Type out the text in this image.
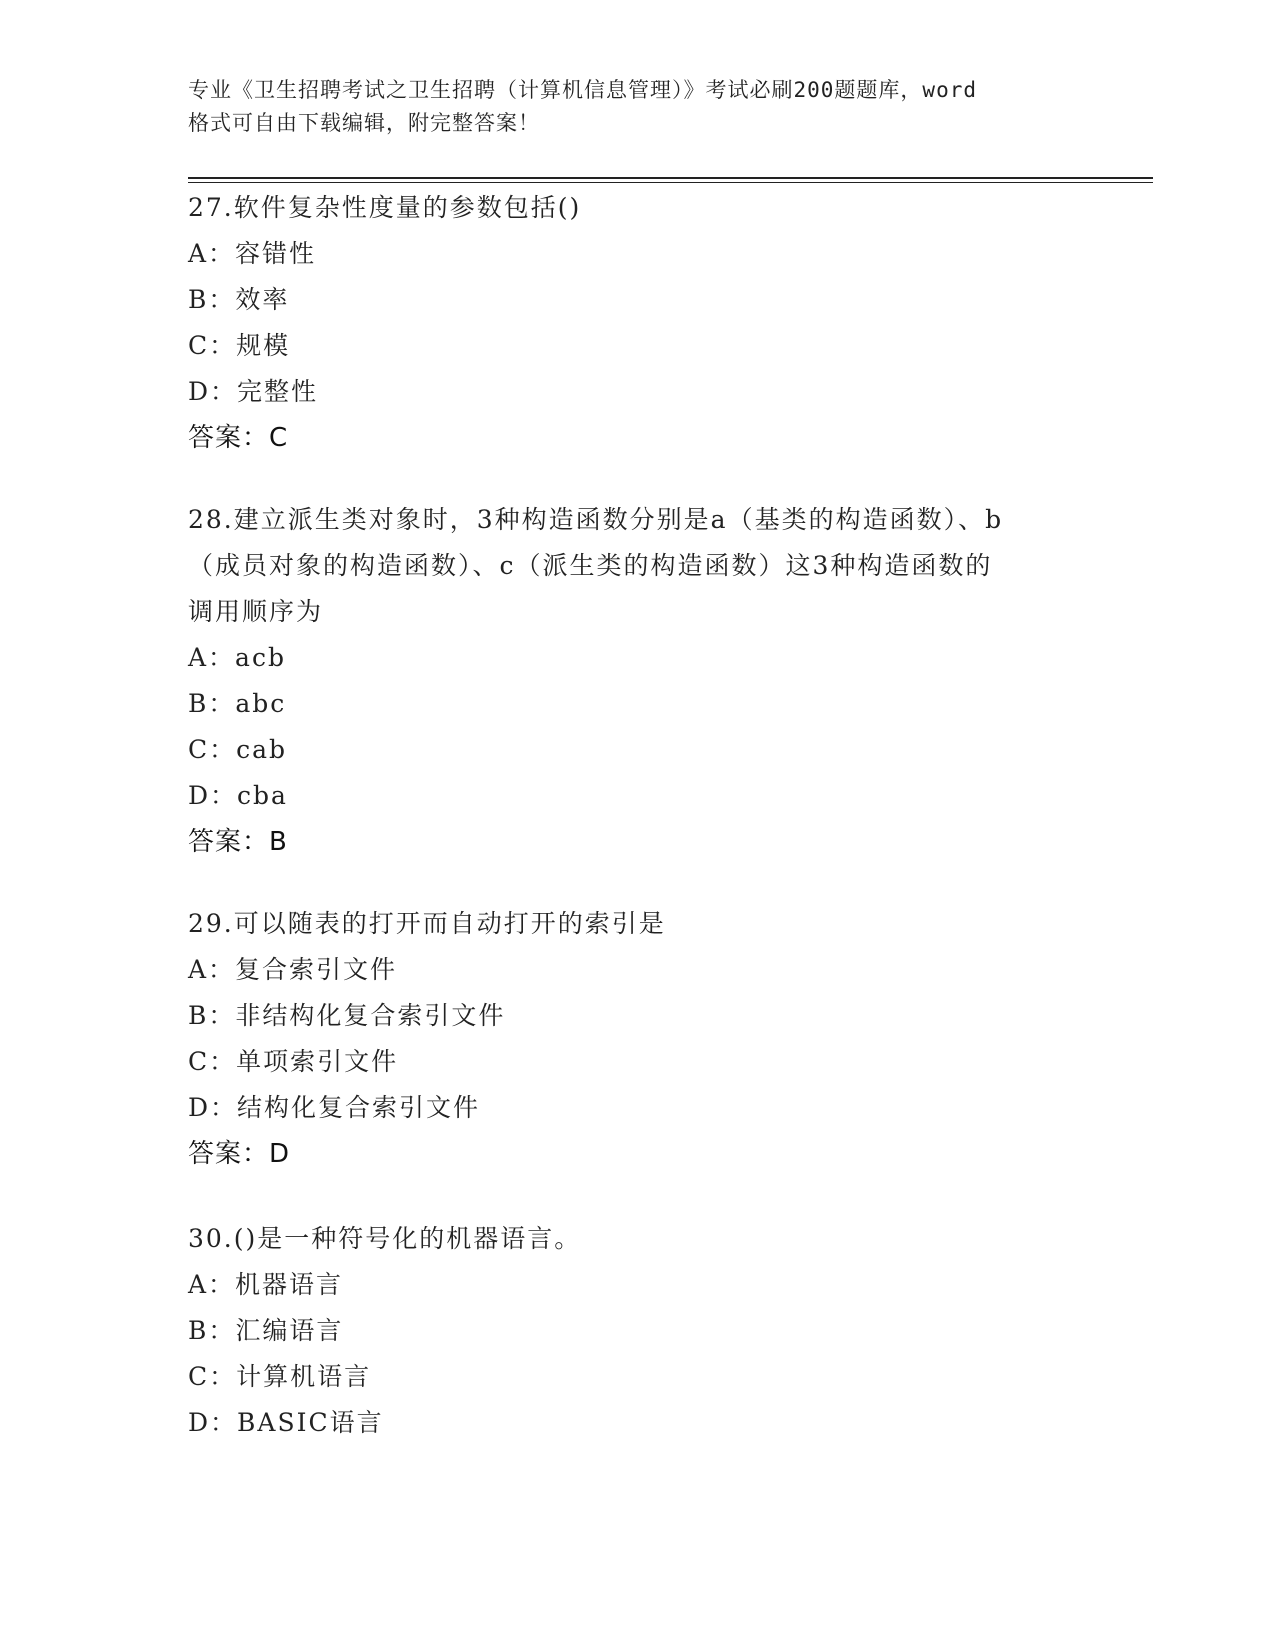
专业《卫生招聘考试之卫生招聘（计算机信息管理）》考试必刷200题题库，word
格式可自由下载编辑，附完整答案！
27.软件复杂性度量的参数包括()
A：容错性
B：效率
C：规模
D：完整性
答案：C
28.建立派生类对象时，3种构造函数分别是a（基类的构造函数）、b
（成员对象的构造函数）、c（派生类的构造函数）这3种构造函数的
调用顺序为
A：acb
B：abc
C：cab
D：cba
答案：B
29.可以随表的打开而自动打开的索引是
A：复合索引文件
B：非结构化复合索引文件
C：单项索引文件
D：结构化复合索引文件
答案：D
30.()是一种符号化的机器语言。
A：机器语言
B：汇编语言
C：计算机语言
D：BASIC语言
